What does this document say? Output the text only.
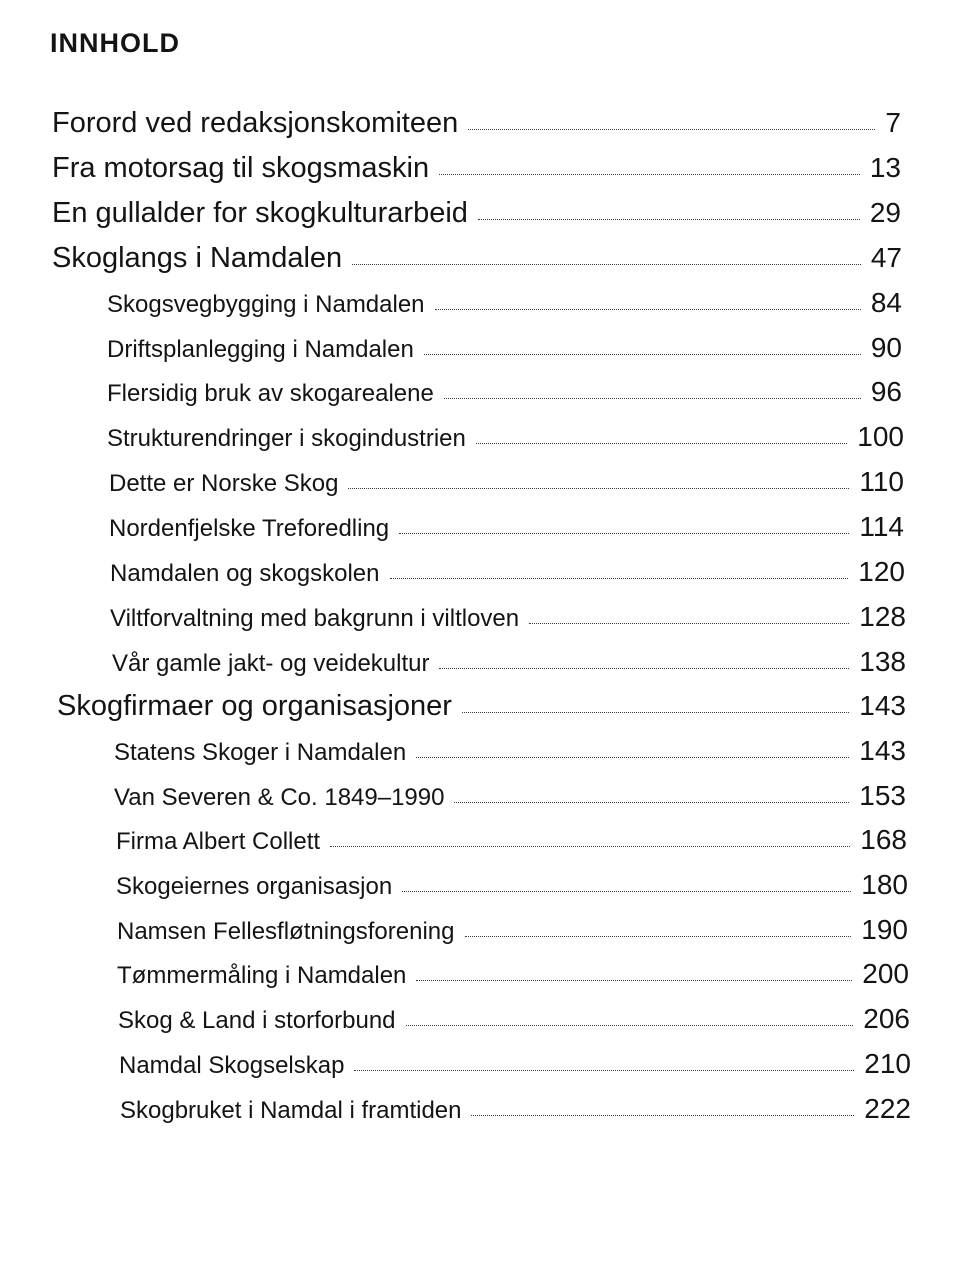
INNHOLD
Forord ved redaksjonskomiteen	7
Fra motorsag til skogsmaskin	13
En gullalder for skogkulturarbeid	29
Skoglangs i Namdalen	47
Skogsvegbygging i Namdalen	84
Driftsplanlegging i Namdalen	90
Flersidig bruk av skogarealene	96
Strukturendringer i skogindustrien	100
Dette er Norske Skog	110
Nordenfjelske Treforedling	114
Namdalen og skogskolen	120
Viltforvaltning med bakgrunn i viltloven	128
Vår gamle jakt- og veidekultur	138
Skogfirmaer og organisasjoner	143
Statens Skoger i Namdalen	143
Van Severen & Co. 1849–1990	153
Firma Albert Collett	168
Skogeiernes organisasjon	180
Namsen Fellesfløtningsforening	190
Tømmermåling i Namdalen	200
Skog & Land i storforbund	206
Namdal Skogselskap	210
Skogbruket i Namdal i framtiden	222
